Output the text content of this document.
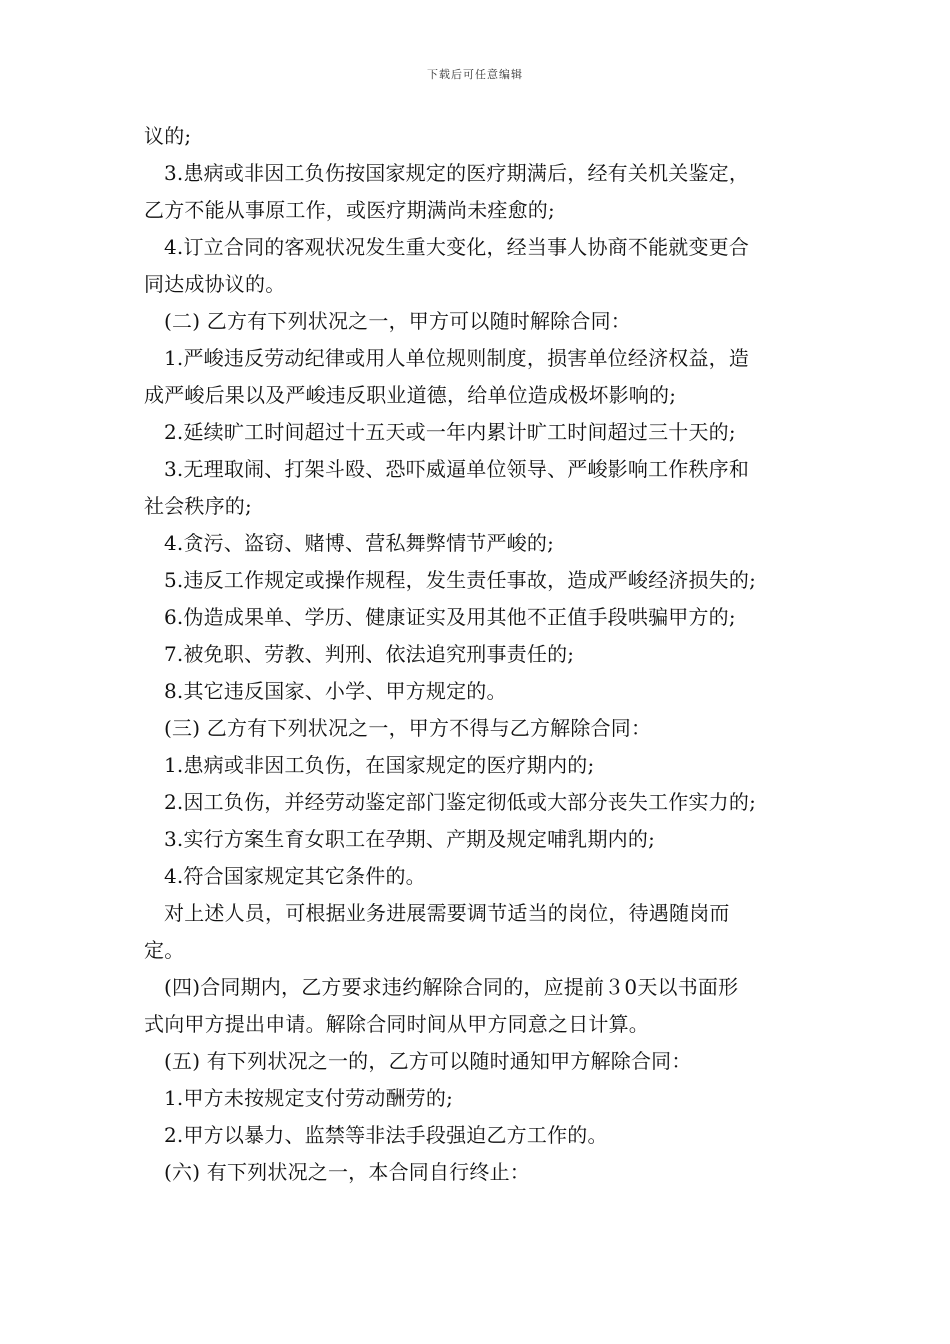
下载后可任意编辑
议的;
3.患病或非因工负伤按国家规定的医疗期满后，经有关机关鉴定，
乙方不能从事原工作，或医疗期满尚未痊愈的;
4.订立合同的客观状况发生重大变化，经当事人协商不能就变更合
同达成协议的。
(二) 乙方有下列状况之一，甲方可以随时解除合同：
1.严峻违反劳动纪律或用人单位规则制度，损害单位经济权益，造
成严峻后果以及严峻违反职业道德，给单位造成极坏影响的;
2.延续旷工时间超过十五天或一年内累计旷工时间超过三十天的;
3.无理取闹、打架斗殴、恐吓威逼单位领导、严峻影响工作秩序和
社会秩序的;
4.贪污、盗窃、赌博、营私舞弊情节严峻的;
5.违反工作规定或操作规程，发生责任事故，造成严峻经济损失的;
6.伪造成果单、学历、健康证实及用其他不正值手段哄骗甲方的;
7.被免职、劳教、判刑、依法追究刑事责任的;
8.其它违反国家、小学、甲方规定的。
(三) 乙方有下列状况之一，甲方不得与乙方解除合同：
1.患病或非因工负伤，在国家规定的医疗期内的;
2.因工负伤，并经劳动鉴定部门鉴定彻低或大部分丧失工作实力的;
3.实行方案生育女职工在孕期、产期及规定哺乳期内的;
4.符合国家规定其它条件的。
对上述人员，可根据业务进展需要调节适当的岗位，待遇随岗而
定。
(四)合同期内，乙方要求违约解除合同的，应提前３0天以书面形
式向甲方提出申请。解除合同时间从甲方同意之日计算。
(五) 有下列状况之一的，乙方可以随时通知甲方解除合同：
1.甲方未按规定支付劳动酬劳的;
2.甲方以暴力、监禁等非法手段强迫乙方工作的。
(六) 有下列状况之一，本合同自行终止：
